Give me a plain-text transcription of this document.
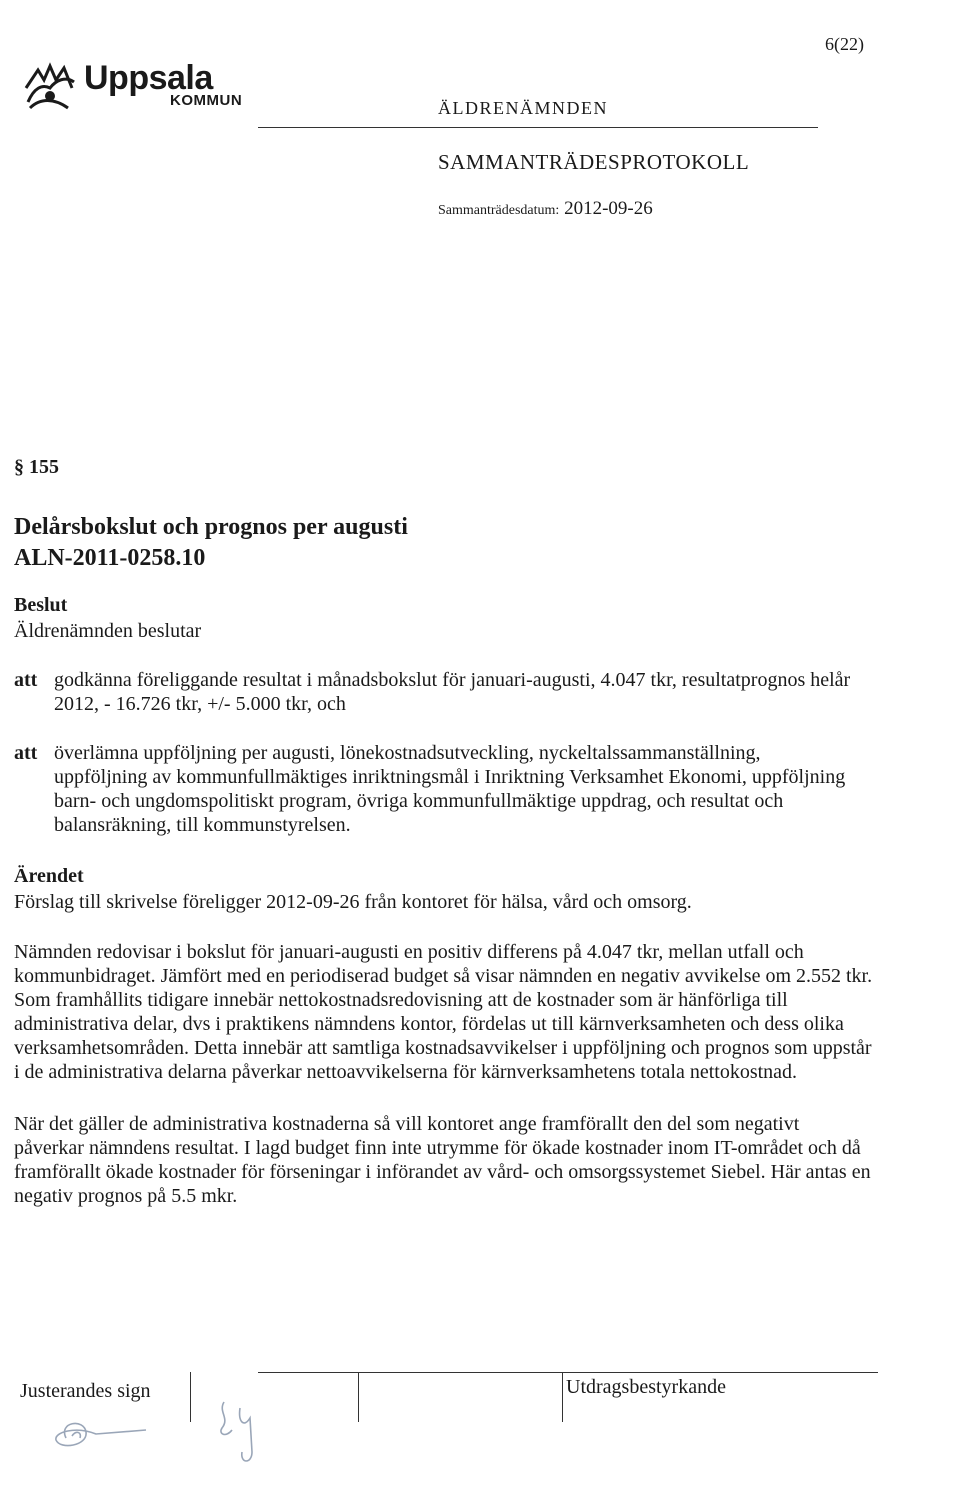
6(22)
Uppsala
KOMMUN	ÄLDRENÄMNDEN
SAMMANTRÄDESPROTOKOLL
Sammanträdesdatum: 2012-09-26
§ 155
Delårsbokslut och prognos per augusti
ALN-2011-0258.10
Beslut
Äldrenämnden beslutar
att godkänna föreliggande resultat i månadsbokslut för januari-augusti, 4.047 tkr, resultatprognos helår 2012, - 16.726 tkr, +/- 5.000 tkr, och
att överlämna uppföljning per augusti, lönekostnadsutveckling, nyckeltalssammanställning, uppföljning av kommunfullmäktiges inriktningsmål i Inriktning Verksamhet Ekonomi, uppföljning barn- och ungdomspolitiskt program, övriga kommunfullmäktige uppdrag, och resultat och balansräkning, till kommunstyrelsen.
Ärendet
Förslag till skrivelse föreligger 2012-09-26 från kontoret för hälsa, vård och omsorg.
Nämnden redovisar i bokslut för januari-augusti en positiv differens på 4.047 tkr, mellan utfall och kommunbidraget. Jämfört med en periodiserad budget så visar nämnden en negativ avvikelse om 2.552 tkr. Som framhållits tidigare innebär nettokostnadsredovisning att de kostnader som är hänförliga till administrativa delar, dvs i praktikens nämndens kontor, fördelas ut till kärnverksamheten och dess olika verksamhetsområden. Detta innebär att samtliga kostnadsavvikelser i uppföljning och prognos som uppstår i de administrativa delarna påverkar nettoavvikelserna för kärnverksamhetens totala nettokostnad.
När det gäller de administrativa kostnaderna så vill kontoret ange framförallt den del som negativt påverkar nämndens resultat. I lagd budget finn inte utrymme för ökade kostnader inom IT-området och då framförallt ökade kostnader för förseningar i införandet av vård- och omsorgssystemet Siebel. Här antas en negativ prognos på 5.5 mkr.
Justerandes sign	Utdragsbestyrkande
